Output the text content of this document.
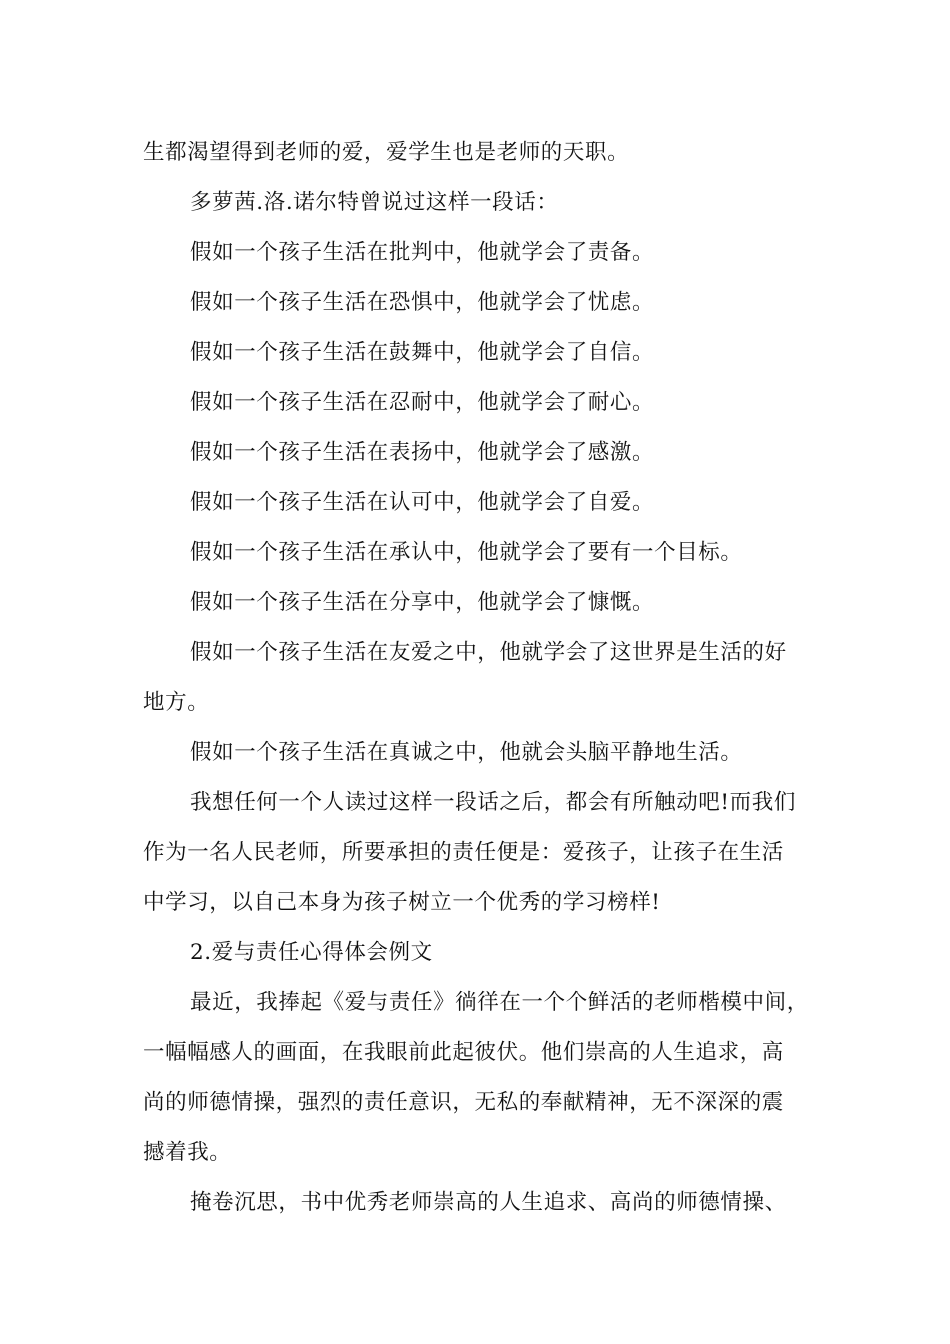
生都渴望得到老师的爱，爱学生也是老师的天职。
多萝茜.洛.诺尔特曾说过这样一段话：
假如一个孩子生活在批判中，他就学会了责备。
假如一个孩子生活在恐惧中，他就学会了忧虑。
假如一个孩子生活在鼓舞中，他就学会了自信。
假如一个孩子生活在忍耐中，他就学会了耐心。
假如一个孩子生活在表扬中，他就学会了感激。
假如一个孩子生活在认可中，他就学会了自爱。
假如一个孩子生活在承认中，他就学会了要有一个目标。
假如一个孩子生活在分享中，他就学会了慷慨。
假如一个孩子生活在友爱之中，他就学会了这世界是生活的好
地方。
假如一个孩子生活在真诚之中，他就会头脑平静地生活。
我想任何一个人读过这样一段话之后，都会有所触动吧!而我们
作为一名人民老师，所要承担的责任便是：爱孩子，让孩子在生活
中学习，以自己本身为孩子树立一个优秀的学习榜样!
2.爱与责任心得体会例文
最近，我捧起《爱与责任》徜徉在一个个鲜活的老师楷模中间，
一幅幅感人的画面，在我眼前此起彼伏。他们崇高的人生追求，高
尚的师德情操，强烈的责任意识，无私的奉献精神，无不深深的震
撼着我。
掩卷沉思，书中优秀老师崇高的人生追求、高尚的师德情操、
